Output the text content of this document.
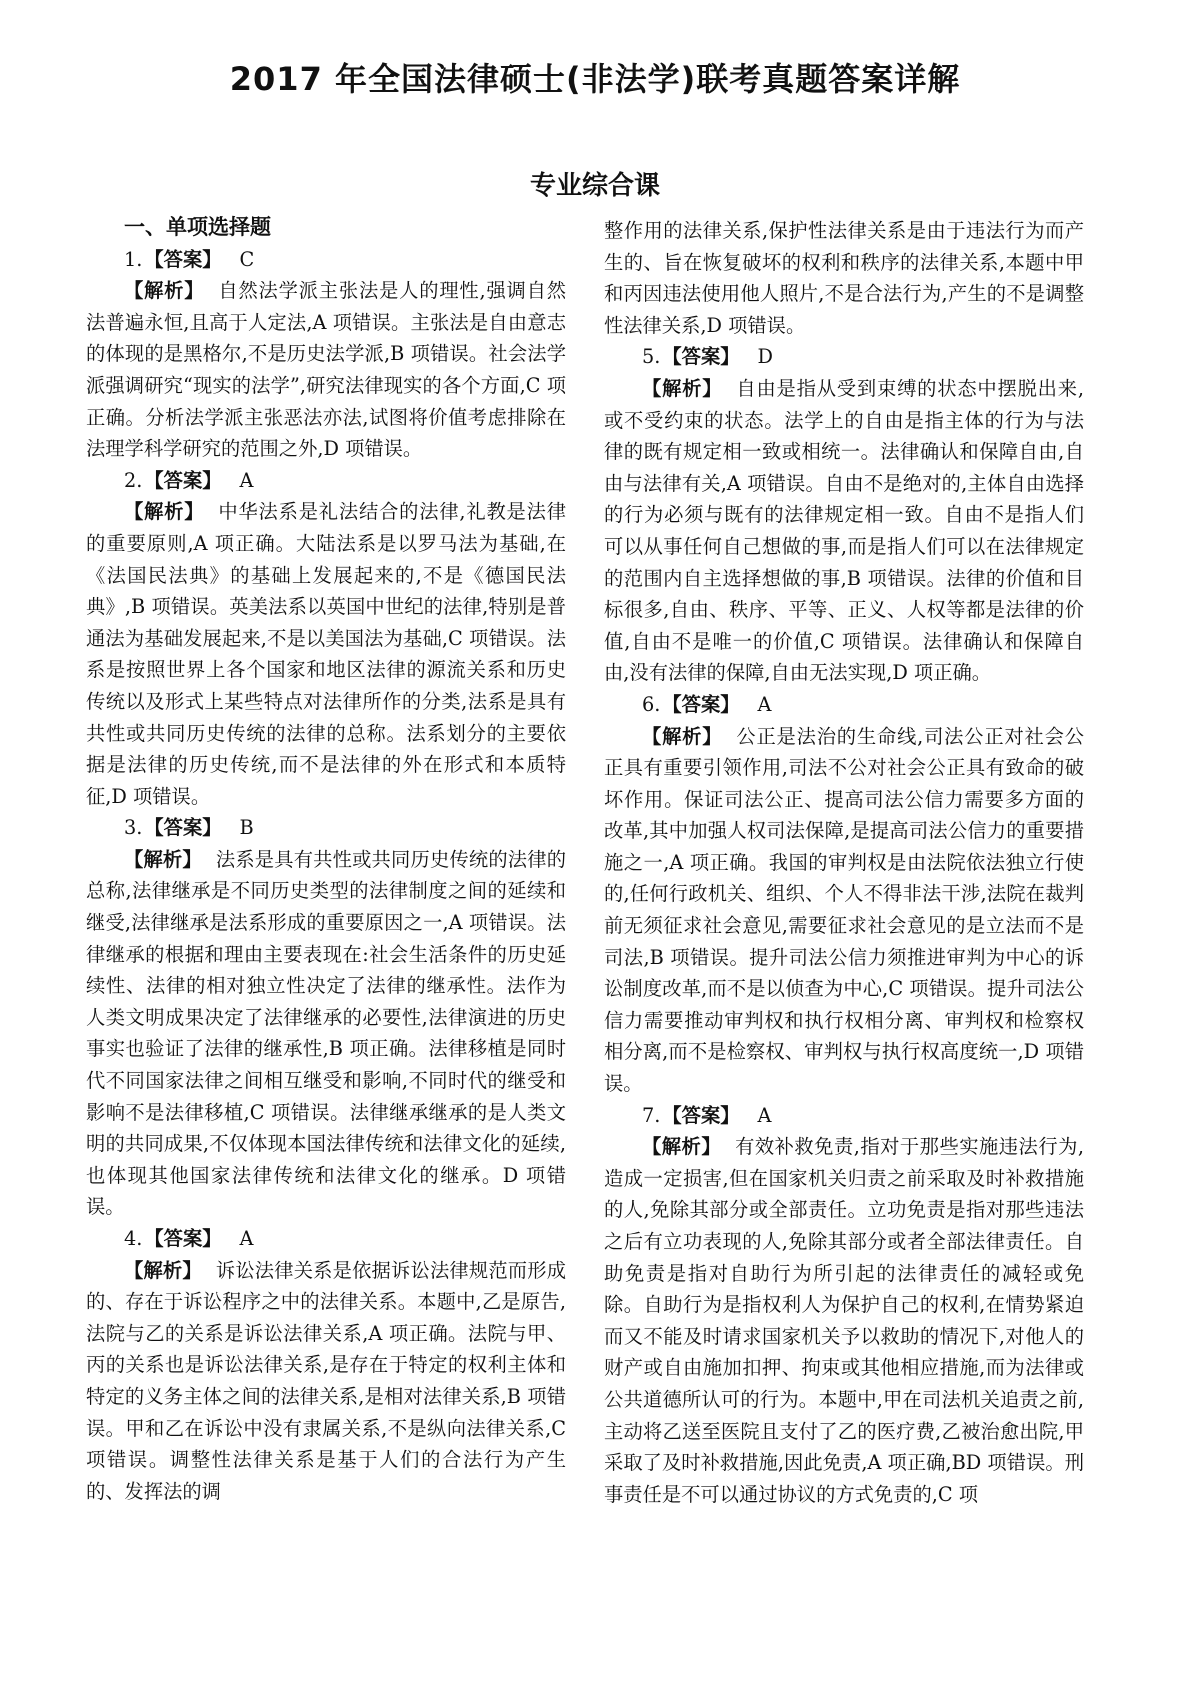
2017 年全国法律硕士(非法学)联考真题答案详解
专业综合课
一、单项选择题
1. 【答案】 C

【解析】 自然法学派主张法是人的理性,强调自然法普遍永恒,且高于人定法,A 项错误。主张法是自由意志的体现的是黑格尔,不是历史法学派,B 项错误。社会法学派强调研究“现实的法学”,研究法律现实的各个方面,C 项正确。分析法学派主张恶法亦法,试图将价值考虑排除在法理学科学研究的范围之外,D 项错误。

2. 【答案】 A

【解析】 中华法系是礼法结合的法律,礼教是法律的重要原则,A 项正确。大陆法系是以罗马法为基础,在《法国民法典》的基础上发展起来的,不是《德国民法典》,B 项错误。英美法系以英国中世纪的法律,特别是普通法为基础发展起来,不是以美国法为基础,C 项错误。法系是按照世界上各个国家和地区法律的源流关系和历史传统以及形式上某些特点对法律所作的分类,法系是具有共性或共同历史传统的法律的总称。法系划分的主要依据是法律的历史传统,而不是法律的外在形式和本质特征,D 项错误。

3. 【答案】 B

【解析】 法系是具有共性或共同历史传统的法律的总称,法律继承是不同历史类型的法律制度之间的延续和继受,法律继承是法系形成的重要原因之一,A 项错误。法律继承的根据和理由主要表现在:社会生活条件的历史延续性、法律的相对独立性决定了法律的继承性。法作为人类文明成果决定了法律继承的必要性,法律演进的历史事实也验证了法律的继承性,B 项正确。法律移植是同时代不同国家法律之间相互继受和影响,不同时代的继受和影响不是法律移植,C 项错误。法律继承继承的是人类文明的共同成果,不仅体现本国法律传统和法律文化的延续,也体现其他国家法律传统和法律文化的继承。D 项错误。

4. 【答案】 A

【解析】 诉讼法律关系是依据诉讼法律规范而形成的、存在于诉讼程序之中的法律关系。本题中,乙是原告,法院与乙的关系是诉讼法律关系,A 项正确。法院与甲、丙的关系也是诉讼法律关系,是存在于特定的权利主体和特定的义务主体之间的法律关系,是相对法律关系,B 项错误。甲和乙在诉讼中没有隶属关系,不是纵向法律关系,C 项错误。调整性法律关系是基于人们的合法行为产生的、发挥法的调

整作用的法律关系,保护性法律关系是由于违法行为而产生的、旨在恢复破坏的权利和秩序的法律关系,本题中甲和丙因违法使用他人照片,不是合法行为,产生的不是调整性法律关系,D 项错误。

5. 【答案】 D

【解析】 自由是指从受到束缚的状态中摆脱出来,或不受约束的状态。法学上的自由是指主体的行为与法律的既有规定相一致或相统一。法律确认和保障自由,自由与法律有关,A 项错误。自由不是绝对的,主体自由选择的行为必须与既有的法律规定相一致。自由不是指人们可以从事任何自己想做的事,而是指人们可以在法律规定的范围内自主选择想做的事,B 项错误。法律的价值和目标很多,自由、秩序、平等、正义、人权等都是法律的价值,自由不是唯一的价值,C 项错误。法律确认和保障自由,没有法律的保障,自由无法实现,D 项正确。

6. 【答案】 A

【解析】 公正是法治的生命线,司法公正对社会公正具有重要引领作用,司法不公对社会公正具有致命的破坏作用。保证司法公正、提高司法公信力需要多方面的改革,其中加强人权司法保障,是提高司法公信力的重要措施之一,A 项正确。我国的审判权是由法院依法独立行使的,任何行政机关、组织、个人不得非法干涉,法院在裁判前无须征求社会意见,需要征求社会意见的是立法而不是司法,B 项错误。提升司法公信力须推进审判为中心的诉讼制度改革,而不是以侦查为中心,C 项错误。提升司法公信力需要推动审判权和执行权相分离、审判权和检察权相分离,而不是检察权、审判权与执行权高度统一,D 项错误。

7. 【答案】 A

【解析】 有效补救免责,指对于那些实施违法行为,造成一定损害,但在国家机关归责之前采取及时补救措施的人,免除其部分或全部责任。立功免责是指对那些违法之后有立功表现的人,免除其部分或者全部法律责任。自助免责是指对自助行为所引起的法律责任的减轻或免除。自助行为是指权利人为保护自己的权利,在情势紧迫而又不能及时请求国家机关予以救助的情况下,对他人的财产或自由施加扣押、拘束或其他相应措施,而为法律或公共道德所认可的行为。本题中,甲在司法机关追责之前,主动将乙送至医院且支付了乙的医疗费,乙被治愈出院,甲采取了及时补救措施,因此免责,A 项正确,BD 项错误。刑事责任是不可以通过协议的方式免责的,C 项
